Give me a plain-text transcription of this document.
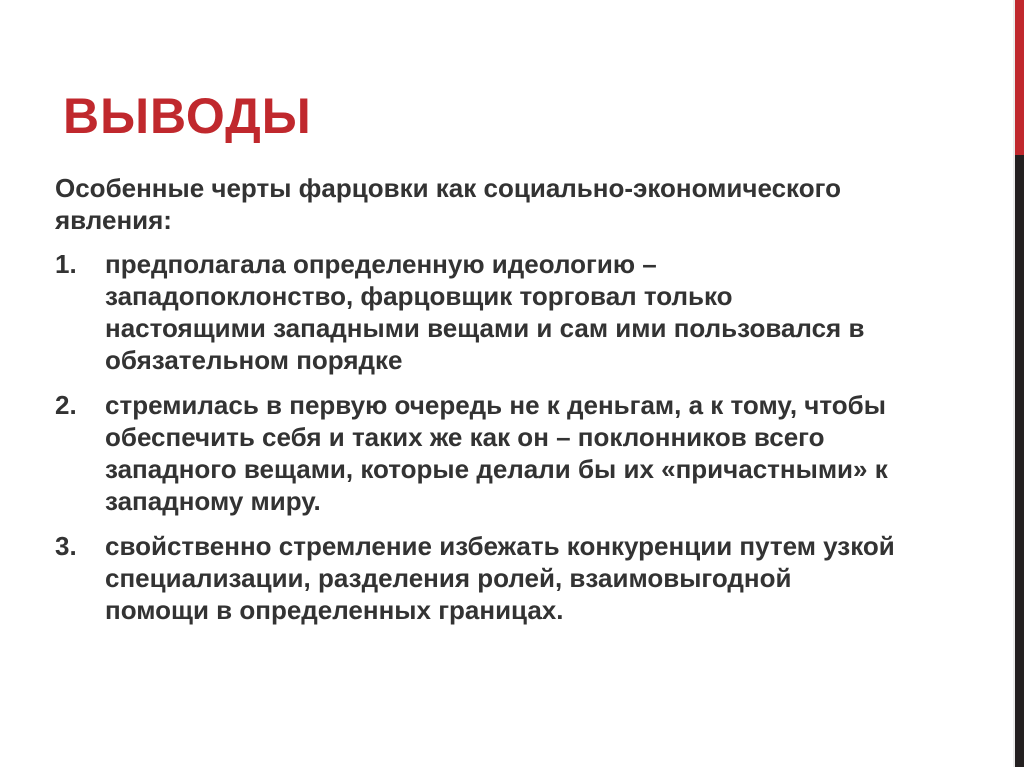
ВЫВОДЫ

Особенные черты фарцовки как социально-экономического явления:

1. предполагала определенную идеологию – западопоклонство, фарцовщик торговал только настоящими западными вещами и сам ими пользовался в обязательном порядке
2. стремилась в первую очередь не к деньгам, а к тому, чтобы обеспечить себя и таких же как он – поклонников всего западного вещами, которые делали бы их «причастными» к западному миру.
3. свойственно стремление избежать конкуренции путем узкой специализации, разделения ролей, взаимовыгодной помощи в определенных границах.
